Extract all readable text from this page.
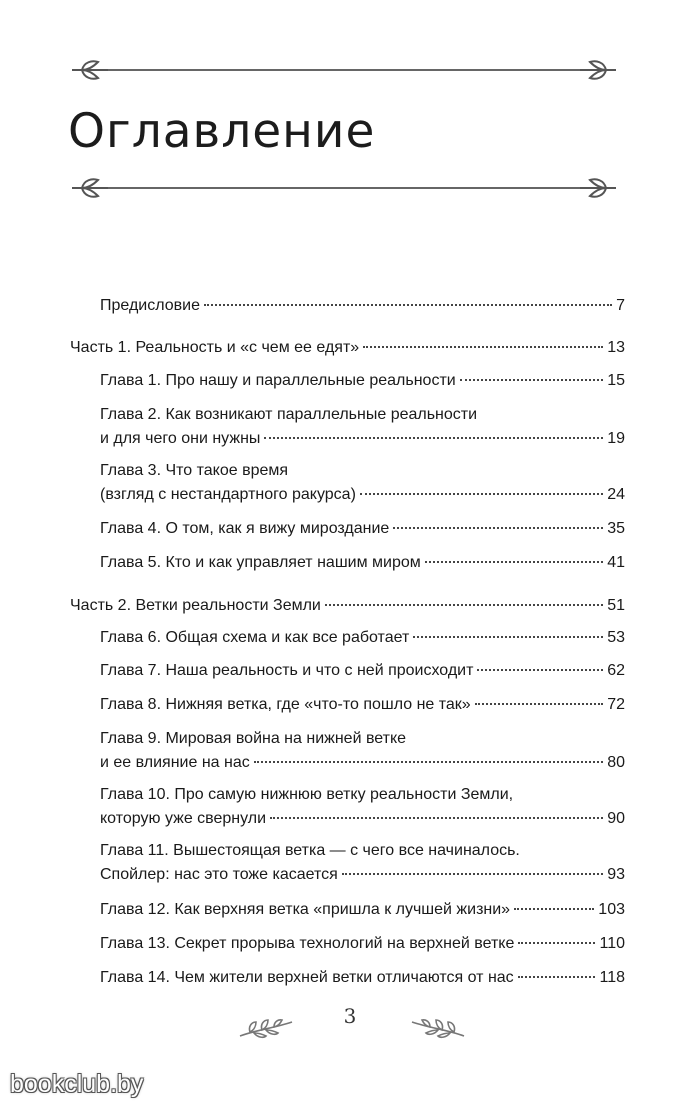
Оглавление
Предисловие	7
Часть 1. Реальность и «с чем ее едят»	13
Глава 1. Про нашу и параллельные реальности	15
Глава 2. Как возникают параллельные реальности
и для чего они нужны	19
Глава 3. Что такое время
(взгляд с нестандартного ракурса)	24
Глава 4. О том, как я вижу мироздание	35
Глава 5. Кто и как управляет нашим миром	41
Часть 2. Ветки реальности Земли	51
Глава 6. Общая схема и как все работает	53
Глава 7. Наша реальность и что с ней происходит	62
Глава 8. Нижняя ветка, где «что-то пошло не так»	72
Глава 9. Мировая война на нижней ветке
и ее влияние на нас	80
Глава 10. Про самую нижнюю ветку реальности Земли,
которую уже свернули	90
Глава 11. Вышестоящая ветка — с чего все начиналось.
Спойлер: нас это тоже касается	93
Глава 12. Как верхняя ветка «пришла к лучшей жизни»	103
Глава 13. Секрет прорыва технологий на верхней ветке	110
Глава 14. Чем жители верхней ветки отличаются от нас	118
3
bookclub.by
